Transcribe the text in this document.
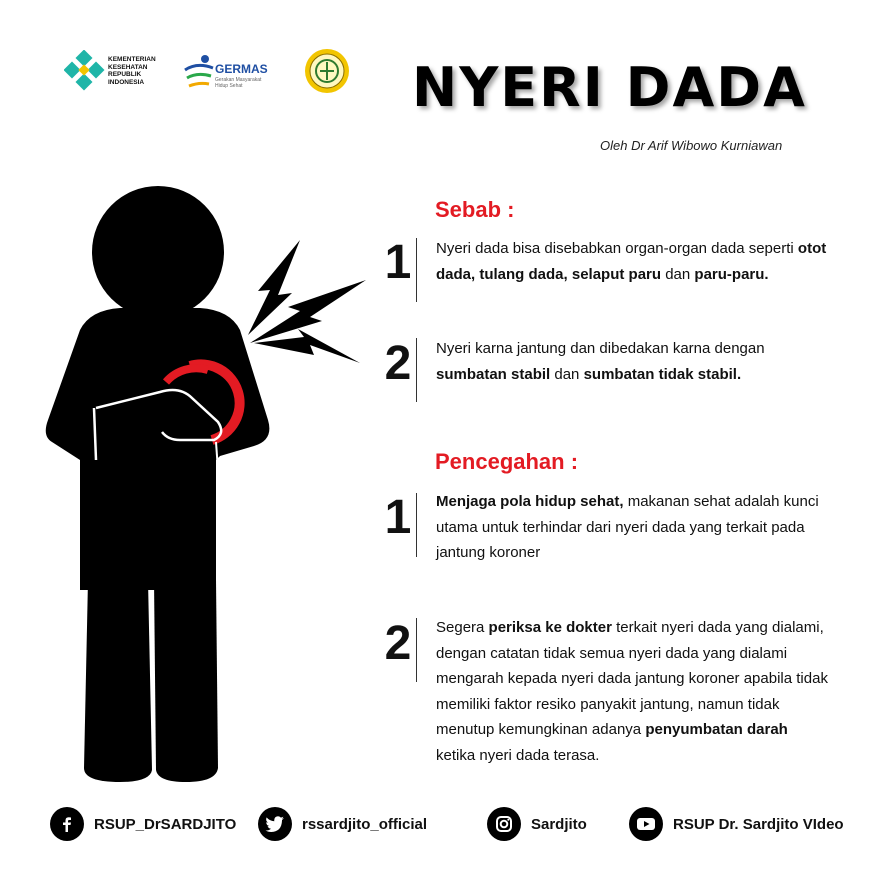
KEMENTERIAN
KESEHATAN
REPUBLIK
INDONESIA
GERMAS
Gerakan Masyarakat Hidup Sehat	NYERI DADA
Oleh Dr Arif Wibowo Kurniawan
Sebab :
1	Nyeri dada bisa disebabkan organ-organ dada seperti otot dada, tulang dada, selaput paru dan paru-paru.
2	Nyeri karna jantung dan dibedakan karna dengan sumbatan stabil dan sumbatan tidak stabil.
Pencegahan :
1	Menjaga pola hidup sehat, makanan sehat adalah kunci utama untuk terhindar dari nyeri dada yang terkait pada jantung koroner
2	Segera periksa ke dokter terkait nyeri dada yang dialami, dengan catatan tidak semua nyeri dada yang dialami mengarah kepada nyeri dada jantung koroner apabila tidak memiliki faktor resiko panyakit jantung, namun tidak menutup kemungkinan adanya penyumbatan darah ketika nyeri dada terasa.
RSUP_DrSARDJITO	rssardjito_official	Sardjito	RSUP Dr. Sardjito VIdeo
